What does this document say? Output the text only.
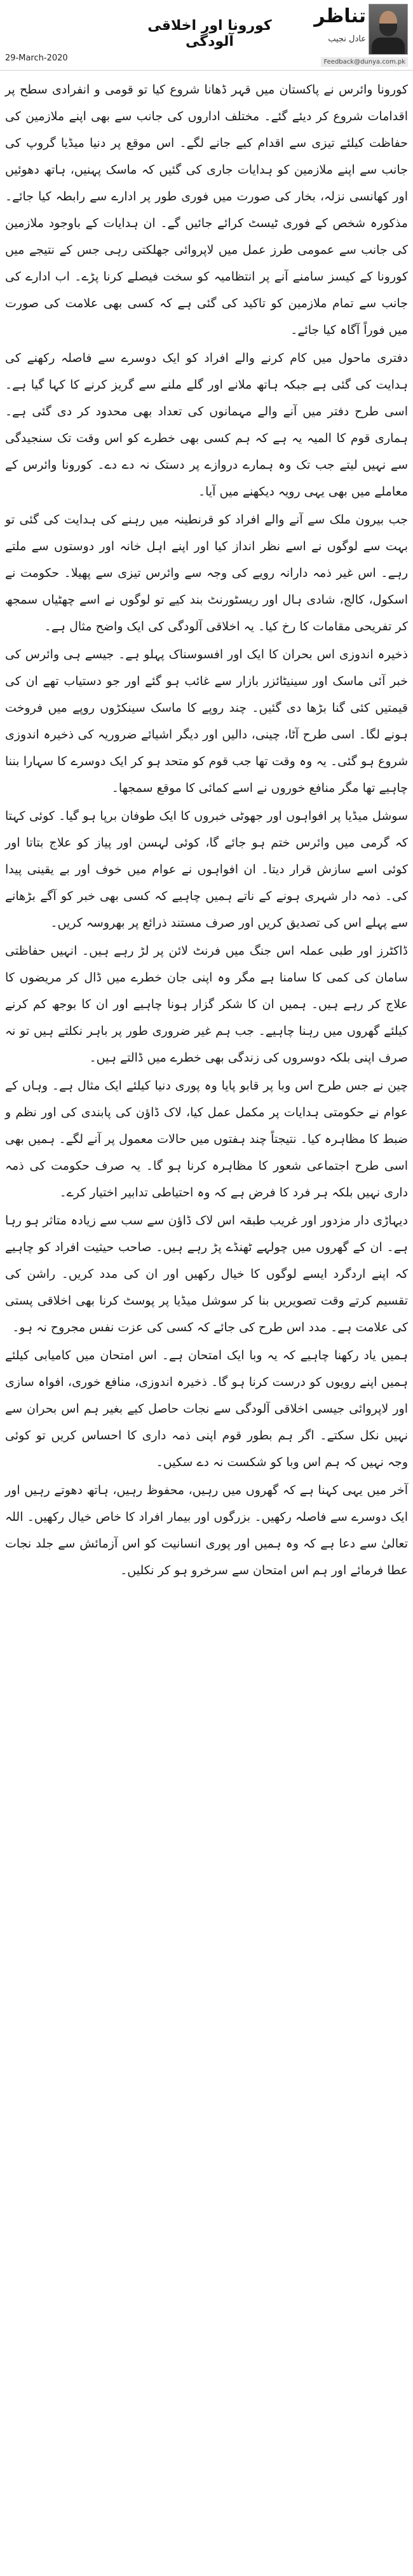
29-March-2020
کورونا اور اخلاقی آلودگی
تناظر
عادل نجیب
Feedback@dunya.com.pk

کورونا وائرس نے پاکستان میں قہر ڈھانا شروع کیا تو قومی و انفرادی سطح پر اقدامات شروع کر دیئے گئے۔ مختلف اداروں کی جانب سے بھی اپنے ملازمین کی حفاظت کیلئے تیزی سے اقدام کیے جانے لگے۔ اس موقع پر دنیا میڈیا گروپ کی جانب سے اپنے ملازمین کو ہدایات جاری کی گئیں کہ ماسک پہنیں، ہاتھ دھوئیں اور کھانسی نزلہ، بخار کی صورت میں فوری طور پر ادارے سے رابطہ کیا جائے۔ مذکورہ شخص کے فوری ٹیسٹ کرائے جائیں گے۔ ان ہدایات کے باوجود ملازمین کی جانب سے عمومی طرز عمل میں لاپروائی جھلکتی رہی جس کے نتیجے میں کورونا کے کیسز سامنے آنے پر انتظامیہ کو سخت فیصلے کرنا پڑے۔ اب ادارے کی جانب سے تمام ملازمین کو تاکید کی گئی ہے کہ کسی بھی علامت کی صورت میں فوراً آگاہ کیا جائے۔

دفتری ماحول میں کام کرنے والے افراد کو ایک دوسرے سے فاصلہ رکھنے کی ہدایت کی گئی ہے جبکہ ہاتھ ملانے اور گلے ملنے سے گریز کرنے کا کہا گیا ہے۔ اسی طرح دفتر میں آنے والے مہمانوں کی تعداد بھی محدود کر دی گئی ہے۔ ہماری قوم کا المیہ یہ ہے کہ ہم کسی بھی خطرے کو اس وقت تک سنجیدگی سے نہیں لیتے جب تک وہ ہمارے دروازے پر دستک نہ دے دے۔ کورونا وائرس کے معاملے میں بھی یہی رویہ دیکھنے میں آیا۔

جب بیرون ملک سے آنے والے افراد کو قرنطینہ میں رہنے کی ہدایت کی گئی تو بہت سے لوگوں نے اسے نظر انداز کیا اور اپنے اہل خانہ اور دوستوں سے ملتے رہے۔ اس غیر ذمہ دارانہ رویے کی وجہ سے وائرس تیزی سے پھیلا۔ حکومت نے اسکول، کالج، شادی ہال اور ریسٹورنٹ بند کیے تو لوگوں نے اسے چھٹیاں سمجھ کر تفریحی مقامات کا رخ کیا۔ یہ اخلاقی آلودگی کی ایک واضح مثال ہے۔

ذخیرہ اندوزی اس بحران کا ایک اور افسوسناک پہلو ہے۔ جیسے ہی وائرس کی خبر آئی ماسک اور سینیٹائزر بازار سے غائب ہو گئے اور جو دستیاب تھے ان کی قیمتیں کئی گنا بڑھا دی گئیں۔ چند روپے کا ماسک سینکڑوں روپے میں فروخت ہونے لگا۔ اسی طرح آٹا، چینی، دالیں اور دیگر اشیائے ضروریہ کی ذخیرہ اندوزی شروع ہو گئی۔ یہ وہ وقت تھا جب قوم کو متحد ہو کر ایک دوسرے کا سہارا بننا چاہیے تھا مگر منافع خوروں نے اسے کمائی کا موقع سمجھا۔

سوشل میڈیا پر افواہوں اور جھوٹی خبروں کا ایک طوفان برپا ہو گیا۔ کوئی کہتا کہ گرمی میں وائرس ختم ہو جائے گا، کوئی لہسن اور پیاز کو علاج بتاتا اور کوئی اسے سازش قرار دیتا۔ ان افواہوں نے عوام میں خوف اور بے یقینی پیدا کی۔ ذمہ دار شہری ہونے کے ناتے ہمیں چاہیے کہ کسی بھی خبر کو آگے بڑھانے سے پہلے اس کی تصدیق کریں اور صرف مستند ذرائع پر بھروسہ کریں۔

ڈاکٹرز اور طبی عملہ اس جنگ میں فرنٹ لائن پر لڑ رہے ہیں۔ انہیں حفاظتی سامان کی کمی کا سامنا ہے مگر وہ اپنی جان خطرے میں ڈال کر مریضوں کا علاج کر رہے ہیں۔ ہمیں ان کا شکر گزار ہونا چاہیے اور ان کا بوجھ کم کرنے کیلئے گھروں میں رہنا چاہیے۔ جب ہم غیر ضروری طور پر باہر نکلتے ہیں تو نہ صرف اپنی بلکہ دوسروں کی زندگی بھی خطرے میں ڈالتے ہیں۔

چین نے جس طرح اس وبا پر قابو پایا وہ پوری دنیا کیلئے ایک مثال ہے۔ وہاں کے عوام نے حکومتی ہدایات پر مکمل عمل کیا، لاک ڈاؤن کی پابندی کی اور نظم و ضبط کا مظاہرہ کیا۔ نتیجتاً چند ہفتوں میں حالات معمول پر آنے لگے۔ ہمیں بھی اسی طرح اجتماعی شعور کا مظاہرہ کرنا ہو گا۔ یہ صرف حکومت کی ذمہ داری نہیں بلکہ ہر فرد کا فرض ہے کہ وہ احتیاطی تدابیر اختیار کرے۔

دیہاڑی دار مزدور اور غریب طبقہ اس لاک ڈاؤن سے سب سے زیادہ متاثر ہو رہا ہے۔ ان کے گھروں میں چولہے ٹھنڈے پڑ رہے ہیں۔ صاحب حیثیت افراد کو چاہیے کہ اپنے اردگرد ایسے لوگوں کا خیال رکھیں اور ان کی مدد کریں۔ راشن کی تقسیم کرتے وقت تصویریں بنا کر سوشل میڈیا پر پوسٹ کرنا بھی اخلاقی پستی کی علامت ہے۔ مدد اس طرح کی جائے کہ کسی کی عزت نفس مجروح نہ ہو۔

ہمیں یاد رکھنا چاہیے کہ یہ وبا ایک امتحان ہے۔ اس امتحان میں کامیابی کیلئے ہمیں اپنے رویوں کو درست کرنا ہو گا۔ ذخیرہ اندوزی، منافع خوری، افواہ سازی اور لاپروائی جیسی اخلاقی آلودگی سے نجات حاصل کیے بغیر ہم اس بحران سے نہیں نکل سکتے۔ اگر ہم بطور قوم اپنی ذمہ داری کا احساس کریں تو کوئی وجہ نہیں کہ ہم اس وبا کو شکست نہ دے سکیں۔

آخر میں یہی کہنا ہے کہ گھروں میں رہیں، محفوظ رہیں، ہاتھ دھوتے رہیں اور ایک دوسرے سے فاصلہ رکھیں۔ بزرگوں اور بیمار افراد کا خاص خیال رکھیں۔ اللہ تعالیٰ سے دعا ہے کہ وہ ہمیں اور پوری انسانیت کو اس آزمائش سے جلد نجات عطا فرمائے اور ہم اس امتحان سے سرخرو ہو کر نکلیں۔
